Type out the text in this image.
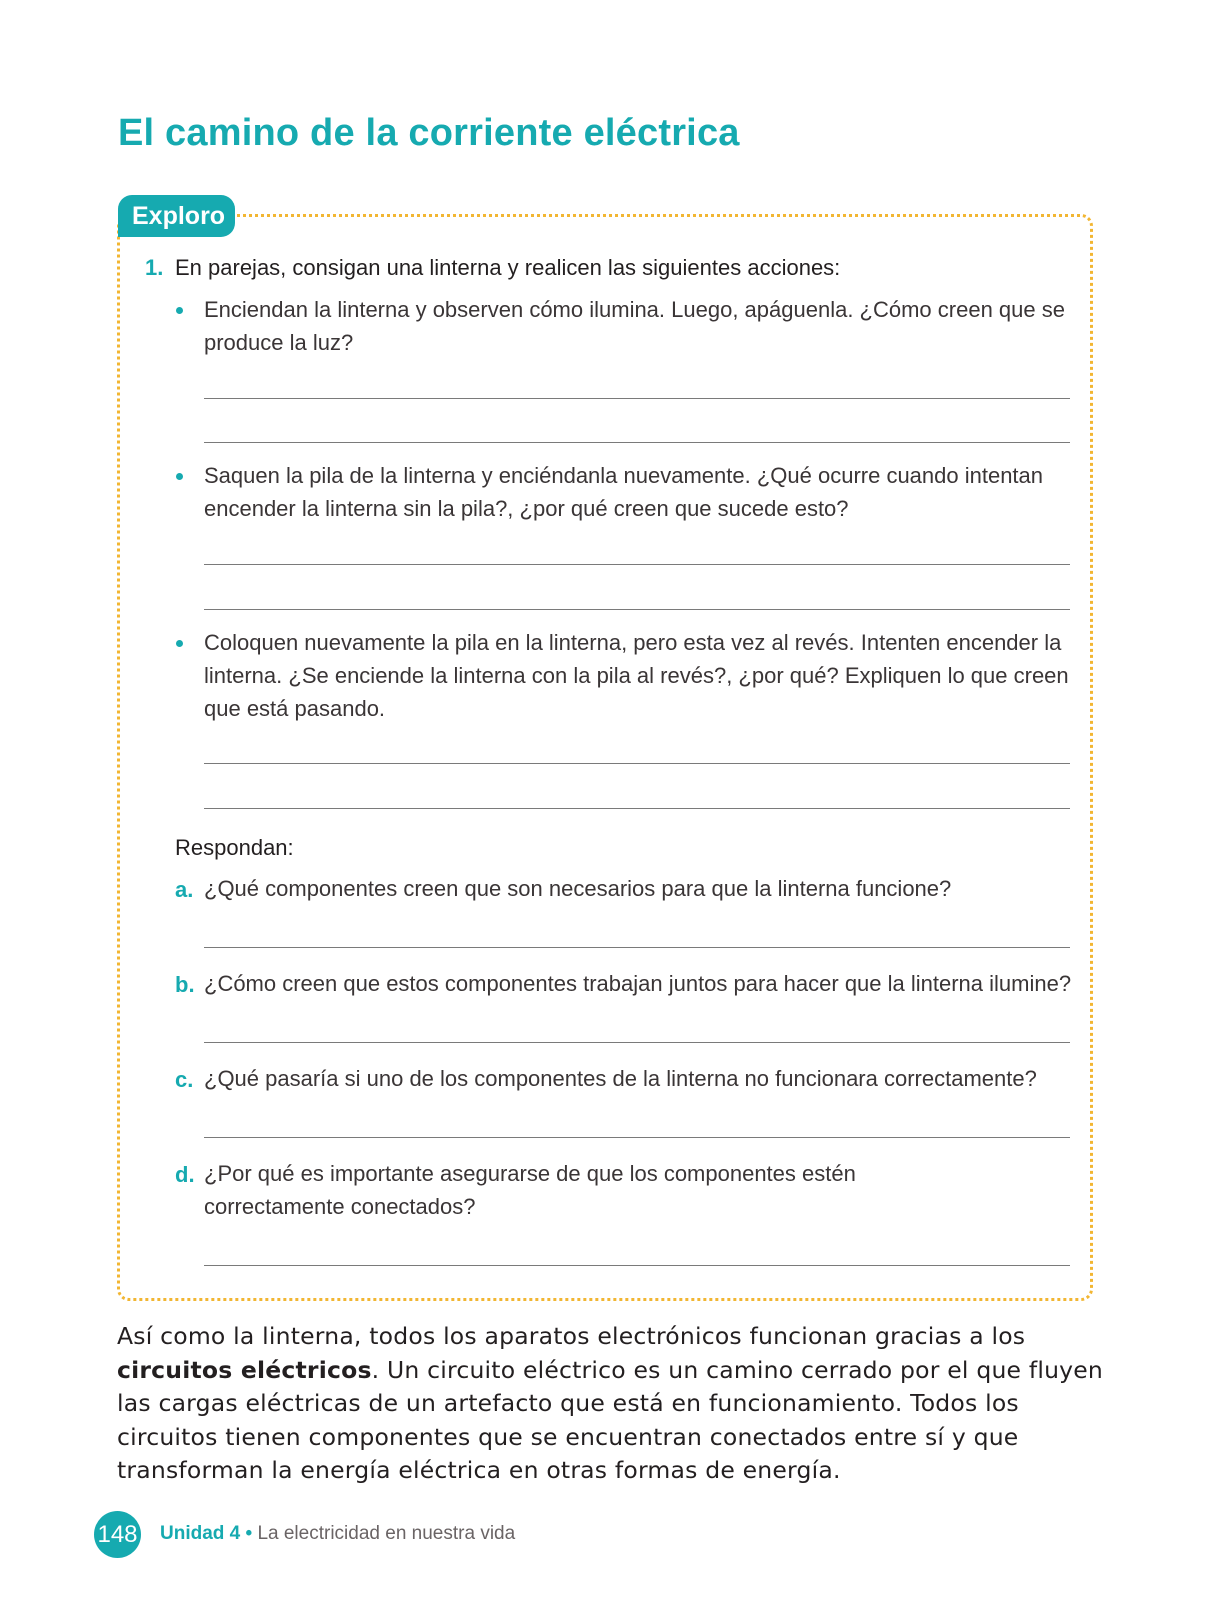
El camino de la corriente eléctrica
Exploro
1. En parejas, consigan una linterna y realicen las siguientes acciones:
Enciendan la linterna y observen cómo ilumina. Luego, apáguenla. ¿Cómo creen que se produce la luz?
Saquen la pila de la linterna y enciéndanla nuevamente. ¿Qué ocurre cuando intentan encender la linterna sin la pila?, ¿por qué creen que sucede esto?
Coloquen nuevamente la pila en la linterna, pero esta vez al revés. Intenten encender la linterna. ¿Se enciende la linterna con la pila al revés?, ¿por qué? Expliquen lo que creen que está pasando.
Respondan:
a. ¿Qué componentes creen que son necesarios para que la linterna funcione?
b. ¿Cómo creen que estos componentes trabajan juntos para hacer que la linterna ilumine?
c. ¿Qué pasaría si uno de los componentes de la linterna no funcionara correctamente?
d. ¿Por qué es importante asegurarse de que los componentes estén correctamente conectados?
Así como la linterna, todos los aparatos electrónicos funcionan gracias a los circuitos eléctricos. Un circuito eléctrico es un camino cerrado por el que fluyen las cargas eléctricas de un artefacto que está en funcionamiento. Todos los circuitos tienen componentes que se encuentran conectados entre sí y que transforman la energía eléctrica en otras formas de energía.
148 Unidad 4 • La electricidad en nuestra vida
